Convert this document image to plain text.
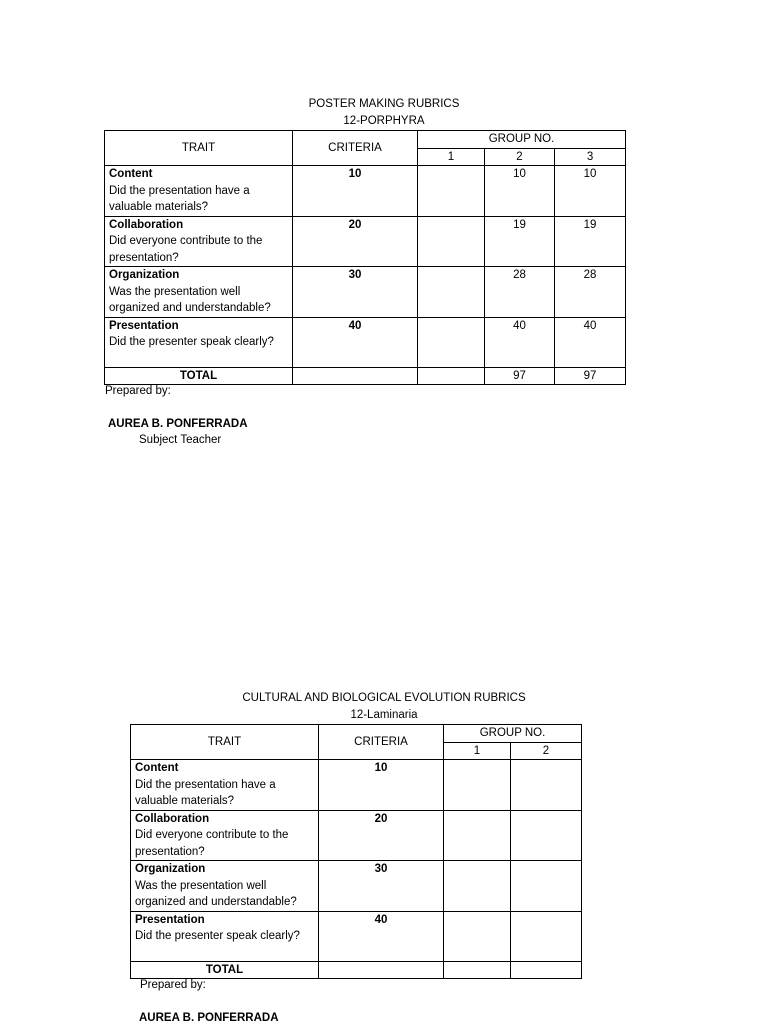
POSTER MAKING RUBRICS
12-PORPHYRA
TRAIT	CRITERIA	GROUP NO.		
		1	2	3

Content
Did the presentation have a valuable materials?	10		10	10

Collaboration
Did everyone contribute to the presentation?	20		19	19

Organization
Was the presentation well organized and understandable?	30		28	28

Presentation
Did the presenter speak clearly?	40		40	40
TOTAL			97	97
Prepared by:
AUREA B. PONFERRADA
Subject Teacher
CULTURAL AND BIOLOGICAL EVOLUTION RUBRICS
12-Laminaria
TRAIT	CRITERIA	GROUP NO.	
		1	2

Content
Did the presentation have a valuable materials?	10		

Collaboration
Did everyone contribute to the presentation?	20		

Organization
Was the presentation well organized and understandable?	30		

Presentation
Did the presenter speak clearly?	40		
TOTAL			
Prepared by:
AUREA B. PONFERRADA
